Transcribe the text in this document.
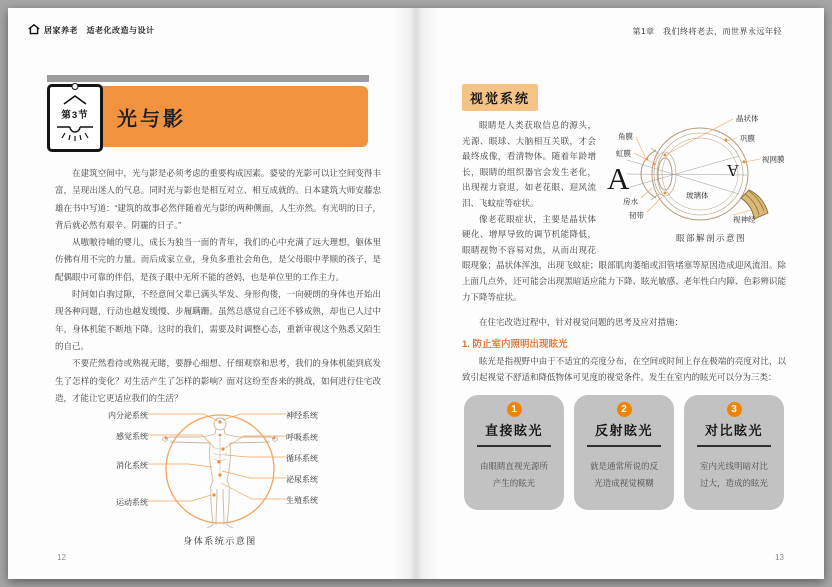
居家养老　适老化改造与设计
光与影
第3节

在建筑空间中，光与影是必须考虑的重要构成因素。婆娑的光影可以让空间变得丰富，呈现出迷人的气息。同时光与影也是相互对立、相互成就的。日本建筑大师安藤忠雄在书中写道：“建筑的故事必然伴随着光与影的两种侧面，人生亦然。有光明的日子，背后就必然有艰辛、阴霾的日子。”

从嗷嗷待哺的婴儿，成长为独当一面的青年，我们的心中充满了远大理想，躯体里仿佛有用不完的力量。而后成家立业，身负多重社会角色，是父母眼中孝顺的孩子，是配偶眼中可靠的伴侣，是孩子眼中无所不能的爸妈，也是单位里的工作主力。

时间如白驹过隙，不经意间父辈已满头华发、身形佝偻，一向硬朗的身体也开始出现各种问题，行动也越发缓慢、步履蹒跚。虽然总感觉自己还不够成熟，却也已人过中年，身体机能不断地下降。这时的我们，需要及时调整心态，重新审视这个熟悉又陌生的自己。

不要茫然看待或熟视无睹，要静心细想、仔细观察和思考，我们的身体机能到底发生了怎样的变化？对生活产生了怎样的影响？面对这纷至沓来的挑战，如何进行住宅改造，才能让它更适应我们的生活？

内分泌系统
感觉系统
消化系统
运动系统
神经系统
呼吸系统
循环系统
泌尿系统
生殖系统
身体系统示意图
12
第1章　我们终将老去，而世界永远年轻
视觉系统
A	A
晶状体
巩膜
视网膜
角膜
虹膜
房水
韧带
玻璃体
视神经
眼部解剖示意图

眼睛是人类获取信息的源头，光源、眼球、大脑相互关联，才会最终成像，看清物体。随着年龄增长，眼睛的组织器官会发生老化，出现视力衰退，如老花眼、迎风流泪、飞蚊症等症状。

像老花眼症状，主要是晶状体硬化、增厚导致的调节机能降低，眼睛视物不容易对焦，从而出现花眼现象；晶状体浑浊，出现飞蚊症；眼部肌肉萎缩或泪管堵塞等原因造成迎风流泪。除上面几点外，还可能会出现黑暗适应能力下降、眩光敏感、老年性白内障、色彩辨识能力下降等症状。

在住宅改造过程中，针对视觉问题的思考及应对措施：

1. 防止室内照明出现眩光

眩光是指视野中由于不适宜的亮度分布，在空间或时间上存在极端的亮度对比，以致引起视觉不舒适和降低物体可见度的视觉条件。发生在室内的眩光可以分为三类：

1
直接眩光
由眼睛直视光源所产生的眩光
2
反射眩光
就是通常所说的反光造成视觉模糊
3
对比眩光
室内光线明暗对比过大，造成的眩光
13
